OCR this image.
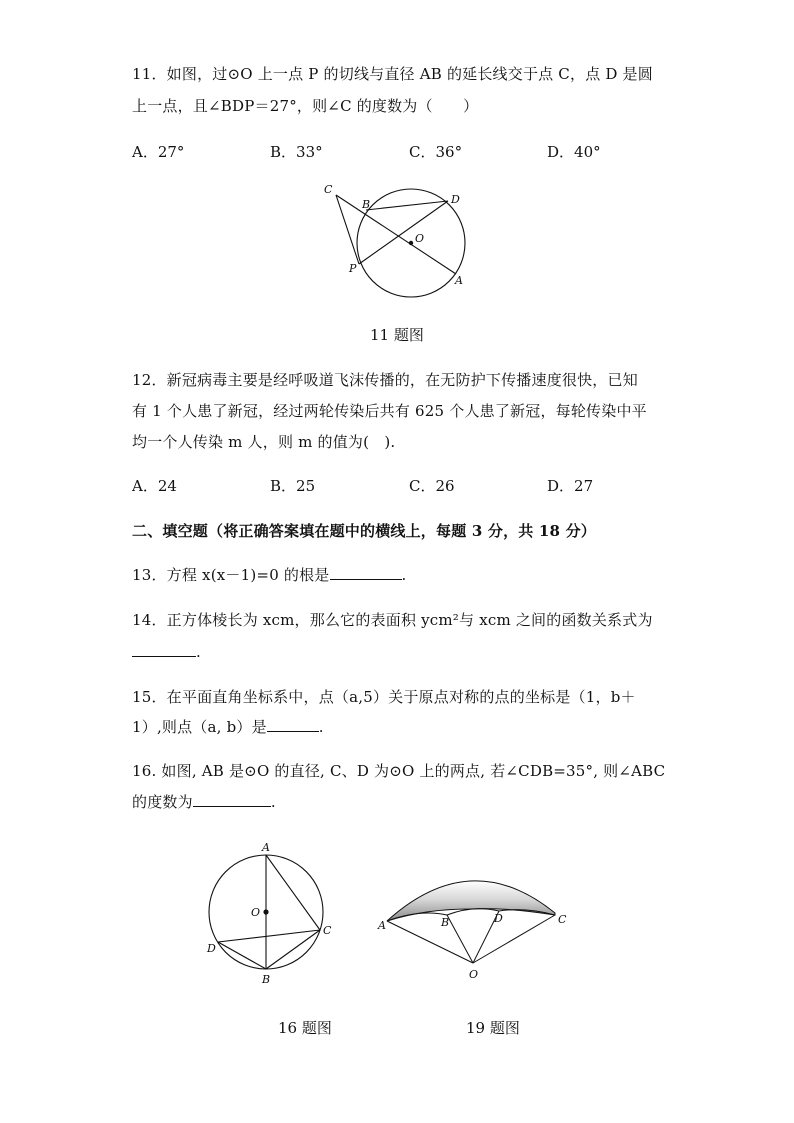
11．如图，过⊙O 上一点 P 的切线与直径 AB 的延长线交于点 C，点 D 是圆
上一点，且∠BDP＝27°，则∠C 的度数为（　　）
A．27°	B．33°	C．36°	D．40°
C
B	D
O
P
A
11 题图
12．新冠病毒主要是经呼吸道飞沫传播的，在无防护下传播速度很快，已知
有 1 个人患了新冠，经过两轮传染后共有 625 个人患了新冠，每轮传染中平
均一个人传染 m 人，则 m 的值为(　).
A．24	B．25	C．26	D．27
二、填空题（将正确答案填在题中的横线上，每题 3 分，共 18 分）
13．方程 x(x－1)=0 的根是	.
14．正方体棱长为 xcm，那么它的表面积 ycm²与 xcm 之间的函数关系式为
.
15．在平面直角坐标系中，点（a,5）关于原点对称的点的坐标是（1，b＋
1）,则点（a, b）是	.
16. 如图, AB 是⊙O 的直径, C、D 为⊙O 上的两点, 若∠CDB=35°, 则∠ABC
的度数为	.
A
O
C
D
B
A	B	D	C
O
16 题图	19 题图
